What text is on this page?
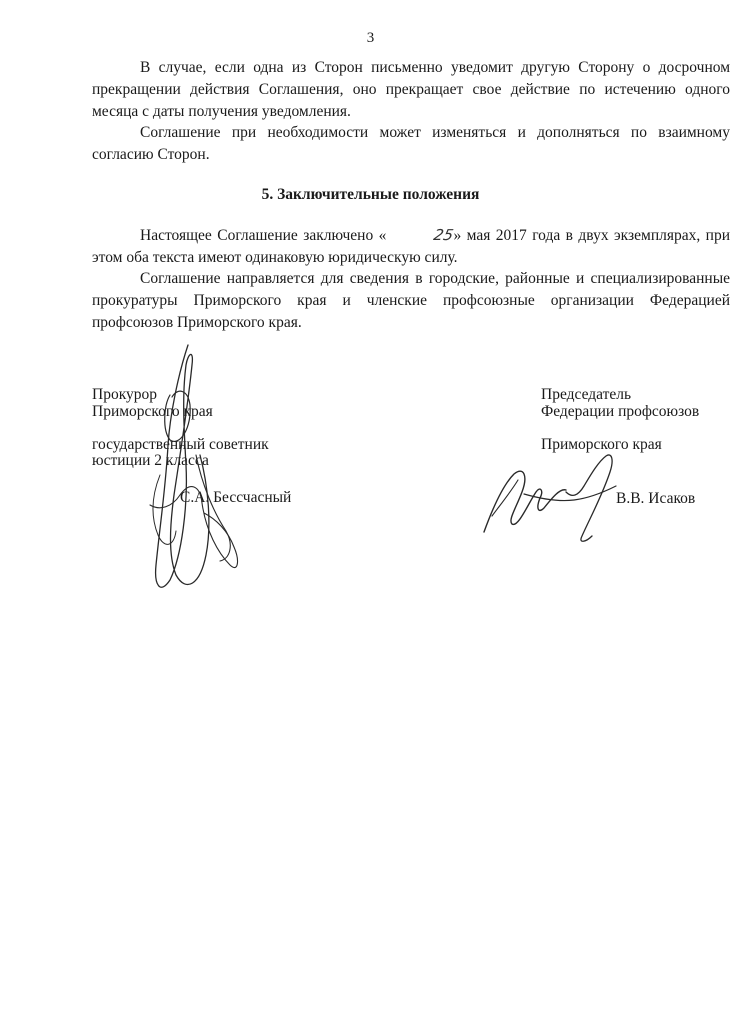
3

В случае, если одна из Сторон письменно уведомит другую Сторону о досрочном прекращении действия Соглашения, оно прекращает свое действие по истечению одного месяца с даты получения уведомления.

Соглашение при необходимости может изменяться и дополняться по взаимному согласию Сторон.

5. Заключительные положения

Настоящее Соглашение заключено «	25» мая 2017 года в двух экземплярах, при этом оба текста имеют одинаковую юридическую силу.

Соглашение направляется для сведения в городские, районные и специализированные прокуратуры Приморского края и членские профсоюзные организации Федерацией профсоюзов Приморского края.

Прокурор
Приморского края
государственный советник
юстиции 2 класса
С.А. Бессчасный
Председатель
Федерации профсоюзов
Приморского края
В.В. Исаков
